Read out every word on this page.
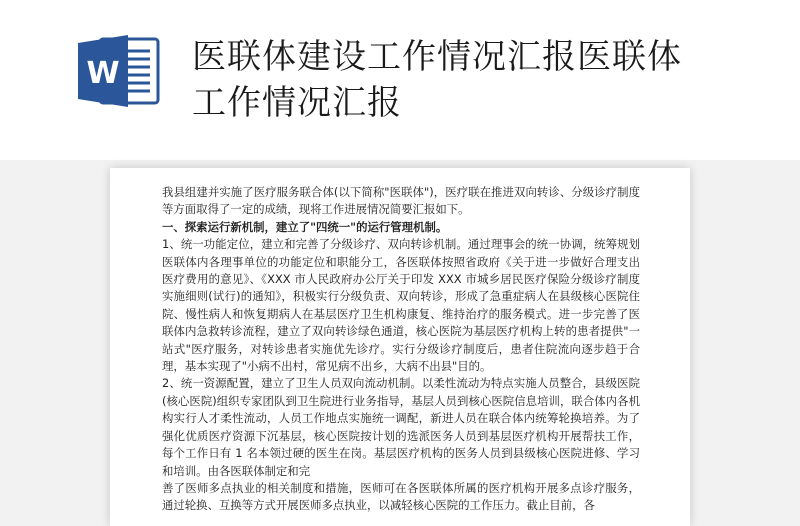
W 医联体建设工作情况汇报医联体
工作情况汇报

我县组建并实施了医疗服务联合体(以下简称"医联体")，医疗联在推进双向转诊、分级诊疗制度等方面取得了一定的成绩，现将工作进展情况简要汇报如下。

一、探索运行新机制，建立了"四统一"的运行管理机制。

1、统一功能定位，建立和完善了分级诊疗、双向转诊机制。通过理事会的统一协调，统筹规划医联体内各理事单位的功能定位和职能分工，各医联体按照省政府《关于进一步做好合理支出医疗费用的意见》、《XXX 市人民政府办公厅关于印发 XXX 市城乡居民医疗保险分级诊疗制度实施细则(试行)的通知》，积极实行分级负责、双向转诊，形成了急重症病人在县级核心医院住院、慢性病人和恢复期病人在基层医疗卫生机构康复、维持治疗的服务模式。进一步完善了医联体内急救转诊流程，建立了双向转诊绿色通道，核心医院为基层医疗机构上转的患者提供"一站式"医疗服务，对转诊患者实施优先诊疗。实行分级诊疗制度后，患者住院流向逐步趋于合理，基本实现了"小病不出村，常见病不出乡，大病不出县"目的。

2、统一资源配置，建立了卫生人员双向流动机制。以柔性流动为特点实施人员整合，县级医院(核心医院)组织专家团队到卫生院进行业务指导，基层人员到核心医院信息培训，联合体内各机构实行人才柔性流动，人员工作地点实施统一调配，新进人员在联合体内统筹轮换培养。为了强化优质医疗资源下沉基层，核心医院按计划的选派医务人员到基层医疗机构开展帮扶工作，每个工作日有 1 名本领过硬的医生在岗。基层医疗机构的医务人员到县级核心医院进修、学习和培训。由各医联体制定和完

善了医师多点执业的相关制度和措施，医师可在各医联体所属的医疗机构开展多点诊疗服务，通过轮换、互换等方式开展医师多点执业，以减轻核心医院的工作压力。截止目前，各
